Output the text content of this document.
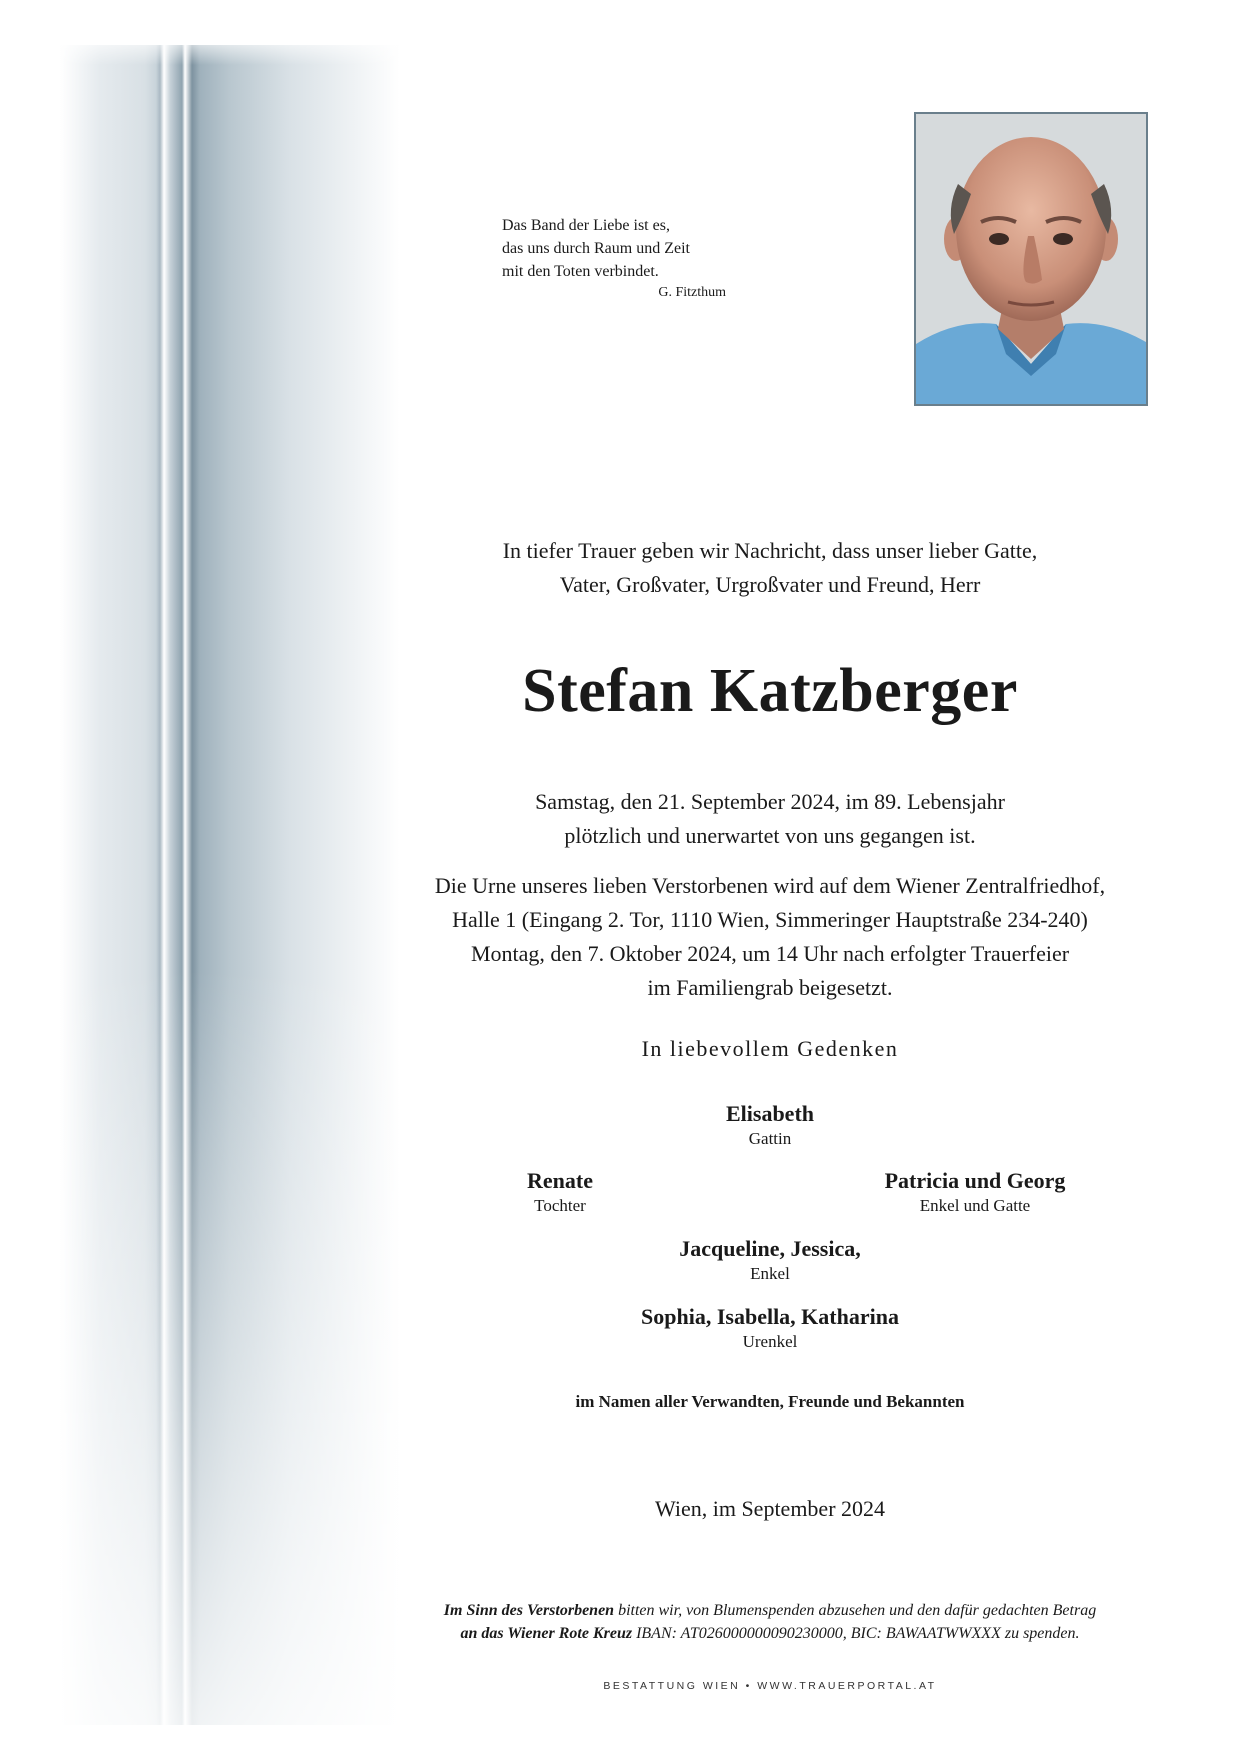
Das Band der Liebe ist es,
das uns durch Raum und Zeit
mit den Toten verbindet.
G. Fitzthum
In tiefer Trauer geben wir Nachricht, dass unser lieber Gatte,
Vater, Großvater, Urgroßvater und Freund, Herr
Stefan Katzberger
Samstag, den 21. September 2024, im 89. Lebensjahr
plötzlich und unerwartet von uns gegangen ist.
Die Urne unseres lieben Verstorbenen wird auf dem Wiener Zentralfriedhof,
Halle 1 (Eingang 2. Tor, 1110 Wien, Simmeringer Hauptstraße 234-240)
Montag, den 7. Oktober 2024, um 14 Uhr nach erfolgter Trauerfeier
im Familiengrab beigesetzt.
In liebevollem Gedenken
Elisabeth
Gattin
Renate
Tochter
Patricia und Georg
Enkel und Gatte
Jacqueline, Jessica,
Enkel
Sophia, Isabella, Katharina
Urenkel
im Namen aller Verwandten, Freunde und Bekannten
Wien, im September 2024
Im Sinn des Verstorbenen bitten wir, von Blumenspenden abzusehen und den dafür gedachten Betrag
an das Wiener Rote Kreuz IBAN: AT026000000090230000, BIC: BAWAATWWXXX zu spenden.
BESTATTUNG WIEN • WWW.TRAUERPORTAL.AT
